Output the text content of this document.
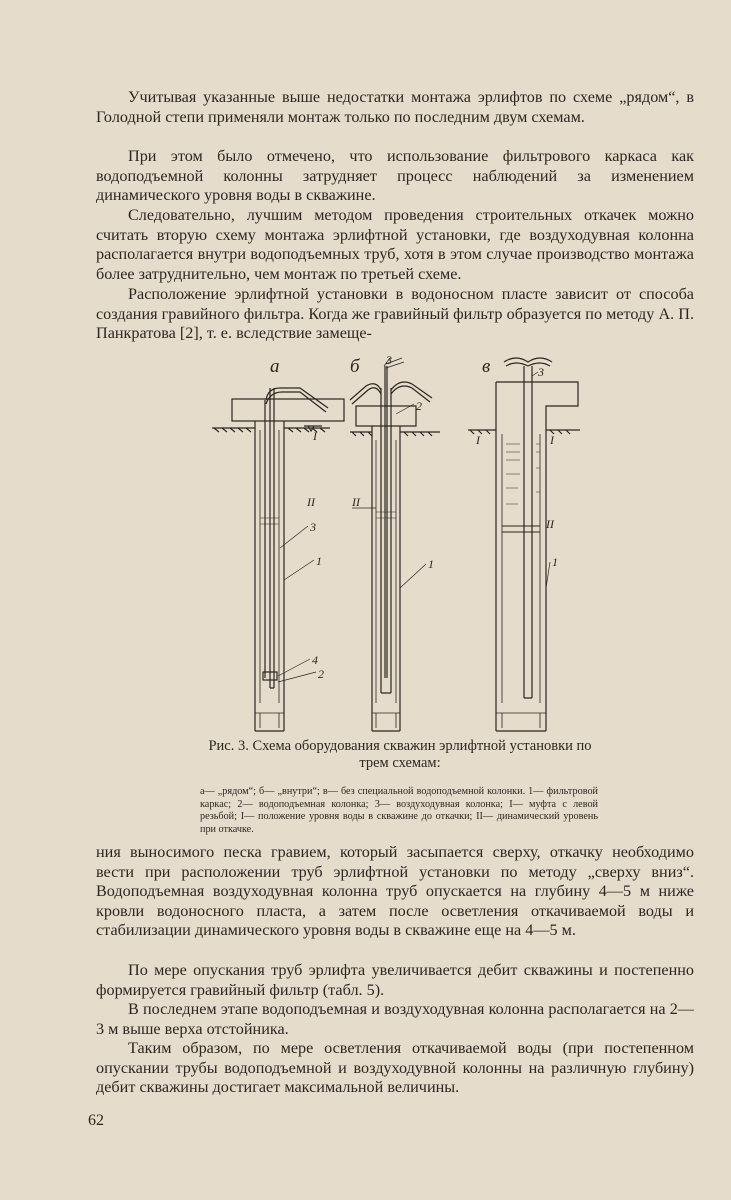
Учитывая указанные выше недостатки монтажа эрлифтов по схеме „рядом“, в Голодной степи применяли монтаж только по последним двум схемам.

При этом было отмечено, что использование фильтрового каркаса как водоподъемной колонны затрудняет процесс наблюдений за изменением динамического уровня воды в скважине.

Следовательно, лучшим методом проведения строительных откачек можно считать вторую схему монтажа эрлифтной установки, где воздуходувная колонна располагается внутри водоподъемных труб, хотя в этом случае производство монтажа более затруднительно, чем монтаж по третьей схеме.

Расположение эрлифтной установки в водоносном пласте зависит от способа создания гравийного фильтра. Когда же гравийный фильтр образуется по методу А. П. Панкратова [2], т. е. вследствие замеще-

а
I
II
3
1
4
2
б 3
2
II
1
в	3
I	I
II
1

Рис. 3. Схема оборудования скважин эрлифтной установки по трем схемам:

а— „рядом“; б— „внутри“; в— без специальной водоподъемной колонки. 1— фильтровой каркас; 2— водоподъемная колонка; 3— воздуходувная колонка; I— муфта с левой резьбой; I— положение уровня воды в скважине до откачки; II— динамический уровень при откачке.

ния выносимого песка гравием, который засыпается сверху, откачку необходимо вести при расположении труб эрлифтной установки по методу „сверху вниз“. Водоподъемная воздуходувная колонна труб опускается на глубину 4—5 м ниже кровли водоносного пласта, а затем после осветления откачиваемой воды и стабилизации динамического уровня воды в скважине еще на 4—5 м.

По мере опускания труб эрлифта увеличивается дебит скважины и постепенно формируется гравийный фильтр (табл. 5).

В последнем этапе водоподъемная и воздуходувная колонна располагается на 2—3 м выше верха отстойника.

Таким образом, по мере осветления откачиваемой воды (при постепенном опускании трубы водоподъемной и воздуходувной колонны на различную глубину) дебит скважины достигает максимальной величины.

62
